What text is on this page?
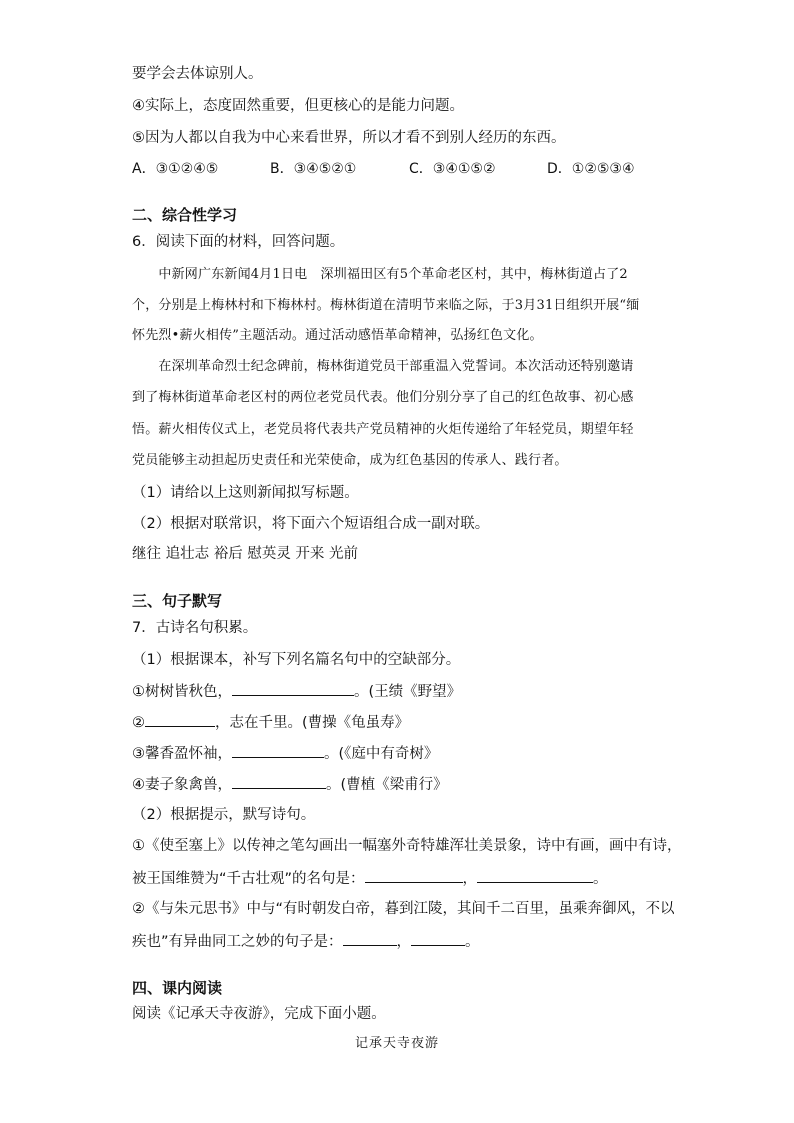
要学会去体谅别人。
④实际上，态度固然重要，但更核心的是能力问题。
⑤因为人都以自我为中心来看世界，所以才看不到别人经历的东西。
A．③①②④⑤	B．③④⑤②①	C．③④①⑤②	D．①②⑤③④
二、综合性学习
6．阅读下面的材料，回答问题。
　　中新网广东新闻4月1日电　深圳福田区有5个革命老区村，其中，梅林街道占了2
个，分别是上梅林村和下梅林村。梅林街道在清明节来临之际，于3月31日组织开展“缅
怀先烈•薪火相传”主题活动。通过活动感悟革命精神，弘扬红色文化。
　　在深圳革命烈士纪念碑前，梅林街道党员干部重温入党誓词。本次活动还特别邀请
到了梅林街道革命老区村的两位老党员代表。他们分别分享了自己的红色故事、初心感
悟。薪火相传仪式上，老党员将代表共产党员精神的火炬传递给了年轻党员，期望年轻
党员能够主动担起历史责任和光荣使命，成为红色基因的传承人、践行者。
（1）请给以上这则新闻拟写标题。
（2）根据对联常识，将下面六个短语组合成一副对联。
继往 追壮志 裕后 慰英灵 开来 光前
三、句子默写
7．古诗名句积累。
（1）根据课本，补写下列名篇名句中的空缺部分。
①树树皆秋色，	。(王绩《野望》
②	，志在千里。(曹操《龟虽寿》
③馨香盈怀袖，	。(《庭中有奇树》
④妻子象禽兽，	。(曹植《梁甫行》
（2）根据提示，默写诗句。
①《使至塞上》以传神之笔勾画出一幅塞外奇特雄浑壮美景象，诗中有画，画中有诗，
被王国维赞为“千古壮观”的名句是：	，	。
②《与朱元思书》中与“有时朝发白帝，暮到江陵，其间千二百里，虽乘奔御风，不以
疾也”有异曲同工之妙的句子是：	，	。
四、课内阅读
阅读《记承天寺夜游》，完成下面小题。
记承天寺夜游
